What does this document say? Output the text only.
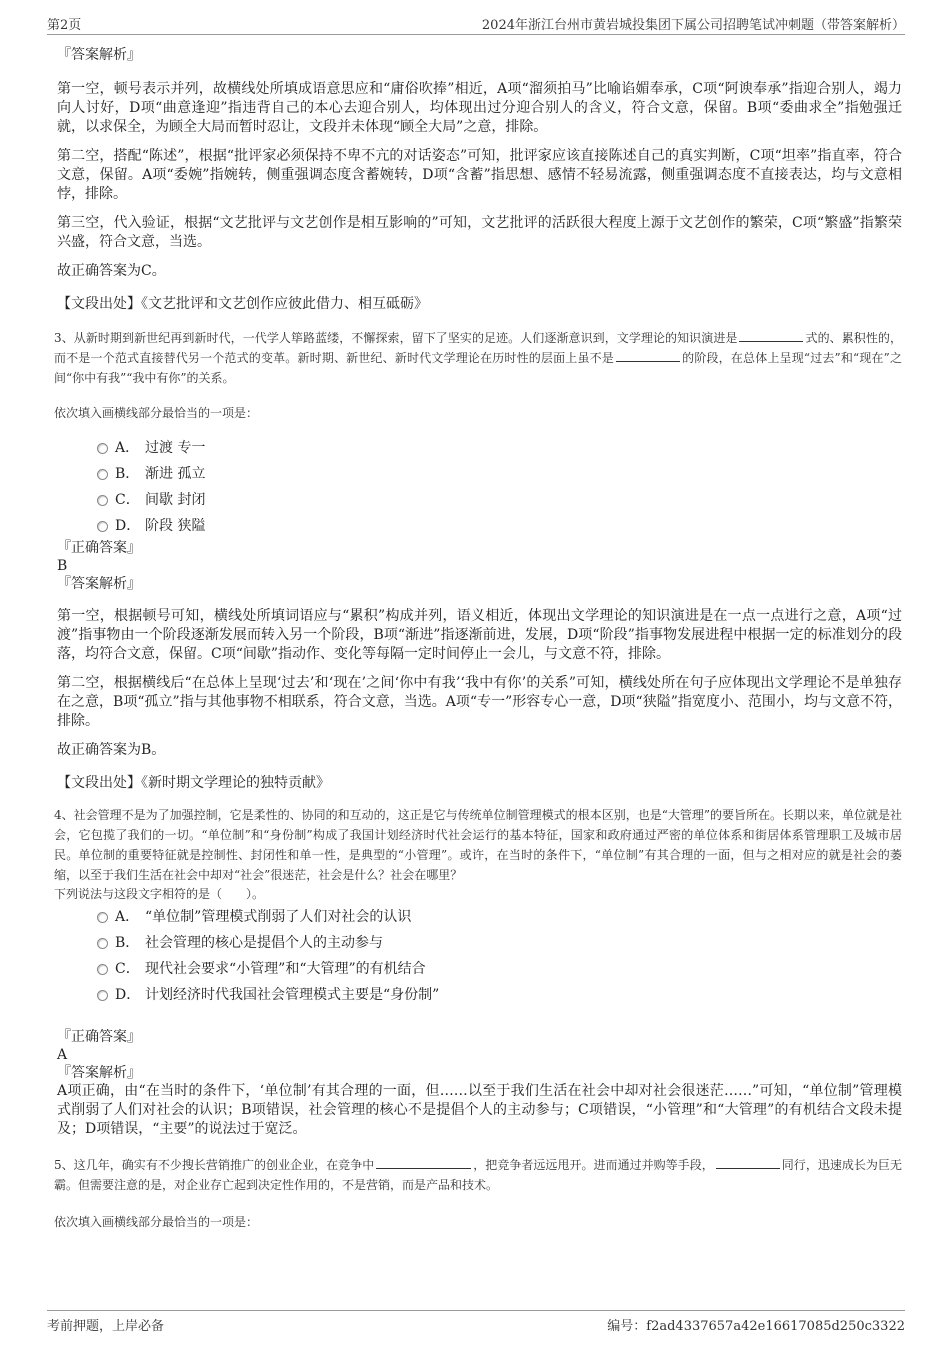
第2页	2024年浙江台州市黄岩城投集团下属公司招聘笔试冲刺题（带答案解析）

『答案解析』

第一空，顿号表示并列，故横线处所填成语意思应和“庸俗吹捧”相近，A项“溜须拍马”比喻谄媚奉承，C项“阿谀奉承”指迎合别人，竭力向人讨好，D项“曲意逢迎”指违背自己的本心去迎合别人，均体现出过分迎合别人的含义，符合文意，保留。B项“委曲求全”指勉强迁就，以求保全，为顾全大局而暂时忍让，文段并未体现“顾全大局”之意，排除。

第二空，搭配“陈述”，根据“批评家必须保持不卑不亢的对话姿态”可知，批评家应该直接陈述自己的真实判断，C项“坦率”指直率，符合文意，保留。A项“委婉”指婉转，侧重强调态度含蓄婉转，D项“含蓄”指思想、感情不轻易流露，侧重强调态度不直接表达，均与文意相悖，排除。

第三空，代入验证，根据“文艺批评与文艺创作是相互影响的”可知，文艺批评的活跃很大程度上源于文艺创作的繁荣，C项“繁盛”指繁荣兴盛，符合文意，当选。

故正确答案为C。

【文段出处】《文艺批评和文艺创作应彼此借力、相互砥砺》

3、从新时期到新世纪再到新时代，一代学人筚路蓝缕，不懈探索，留下了坚实的足迹。人们逐渐意识到，文学理论的知识演进是	式的、累积性的，而不是一个范式直接替代另一个范式的变革。新时期、新世纪、新时代文学理论在历时性的层面上虽不是	的阶段，在总体上呈现“过去”和“现在”之间“你中有我”“我中有你”的关系。

依次填入画横线部分最恰当的一项是：

A． 过渡 专一
B． 渐进 孤立
C． 间歇 封闭
D． 阶段 狭隘

『正确答案』

B

『答案解析』

第一空，根据顿号可知，横线处所填词语应与“累积”构成并列，语义相近，体现出文学理论的知识演进是在一点一点进行之意，A项“过渡”指事物由一个阶段逐渐发展而转入另一个阶段，B项“渐进”指逐渐前进，发展，D项“阶段”指事物发展进程中根据一定的标准划分的段落，均符合文意，保留。C项“间歇”指动作、变化等每隔一定时间停止一会儿，与文意不符，排除。

第二空，根据横线后“在总体上呈现‘过去’和‘现在’之间‘你中有我’‘我中有你’的关系”可知，横线处所在句子应体现出文学理论不是单独存在之意，B项“孤立”指与其他事物不相联系，符合文意，当选。A项“专一”形容专心一意，D项“狭隘”指宽度小、范围小，均与文意不符，排除。

故正确答案为B。

【文段出处】《新时期文学理论的独特贡献》

4、社会管理不是为了加强控制，它是柔性的、协同的和互动的，这正是它与传统单位制管理模式的根本区别，也是“大管理”的要旨所在。长期以来，单位就是社会，它包揽了我们的一切。“单位制”和“身份制”构成了我国计划经济时代社会运行的基本特征，国家和政府通过严密的单位体系和街居体系管理职工及城市居民。单位制的重要特征就是控制性、封闭性和单一性，是典型的“小管理”。或许，在当时的条件下，“单位制”有其合理的一面，但与之相对应的就是社会的萎缩，以至于我们生活在社会中却对“社会”很迷茫，社会是什么？社会在哪里？

下列说法与这段文字相符的是（　　）。

A． “单位制”管理模式削弱了人们对社会的认识
B． 社会管理的核心是提倡个人的主动参与
C． 现代社会要求“小管理”和“大管理”的有机结合
D． 计划经济时代我国社会管理模式主要是“身份制”

『正确答案』

A

『答案解析』

A项正确，由“在当时的条件下，‘单位制’有其合理的一面，但……以至于我们生活在社会中却对社会很迷茫……”可知，“单位制”管理模式削弱了人们对社会的认识；B项错误，社会管理的核心不是提倡个人的主动参与；C项错误，“小管理”和“大管理”的有机结合文段未提及；D项错误，“主要”的说法过于宽泛。

5、这几年，确实有不少搜长营销推广的创业企业，在竞争中	，把竞争者远远甩开。进而通过并购等手段，	同行，迅速成长为巨无霸。但需要注意的是，对企业存亡起到决定性作用的，不是营销，而是产品和技术。

依次填入画横线部分最恰当的一项是：

考前押题，上岸必备	编号：f2ad4337657a42e16617085d250c3322
